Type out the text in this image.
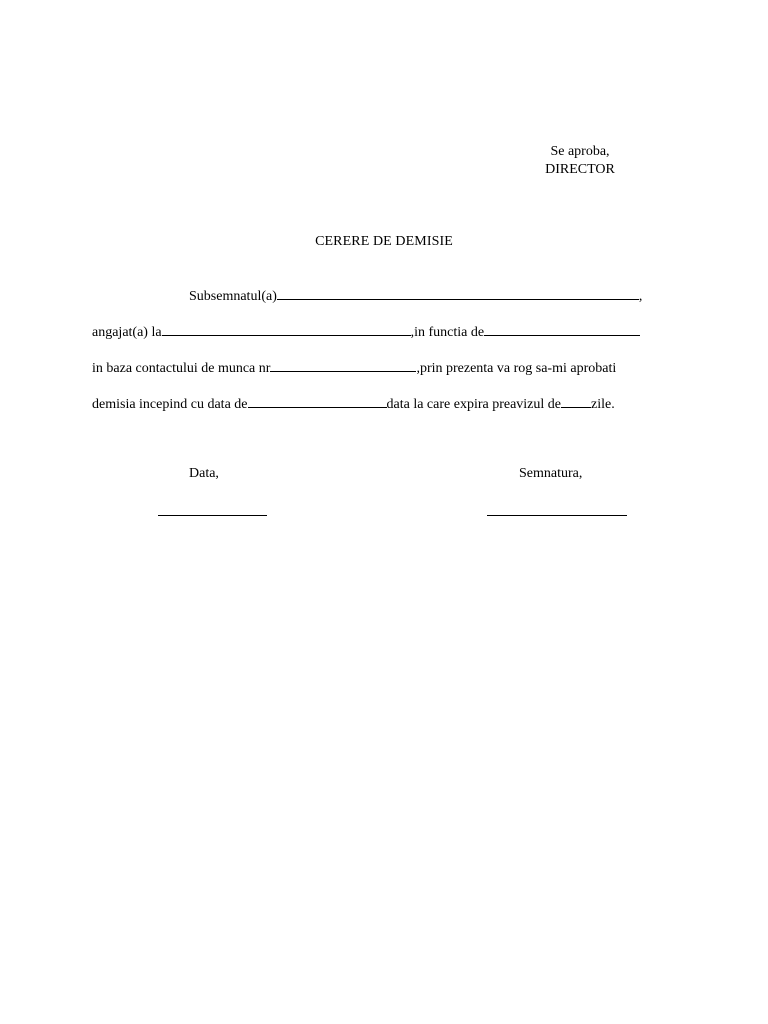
Se aproba,
DIRECTOR
CERERE DE DEMISIE
Subsemnatul(a)	,
angajat(a) la	,in functia de
in baza contactului de munca nr	,prin prezenta va rog sa-mi aprobati
demisia incepind cu data de	data la care expira preavizul de zile.
Data,	Semnatura,
